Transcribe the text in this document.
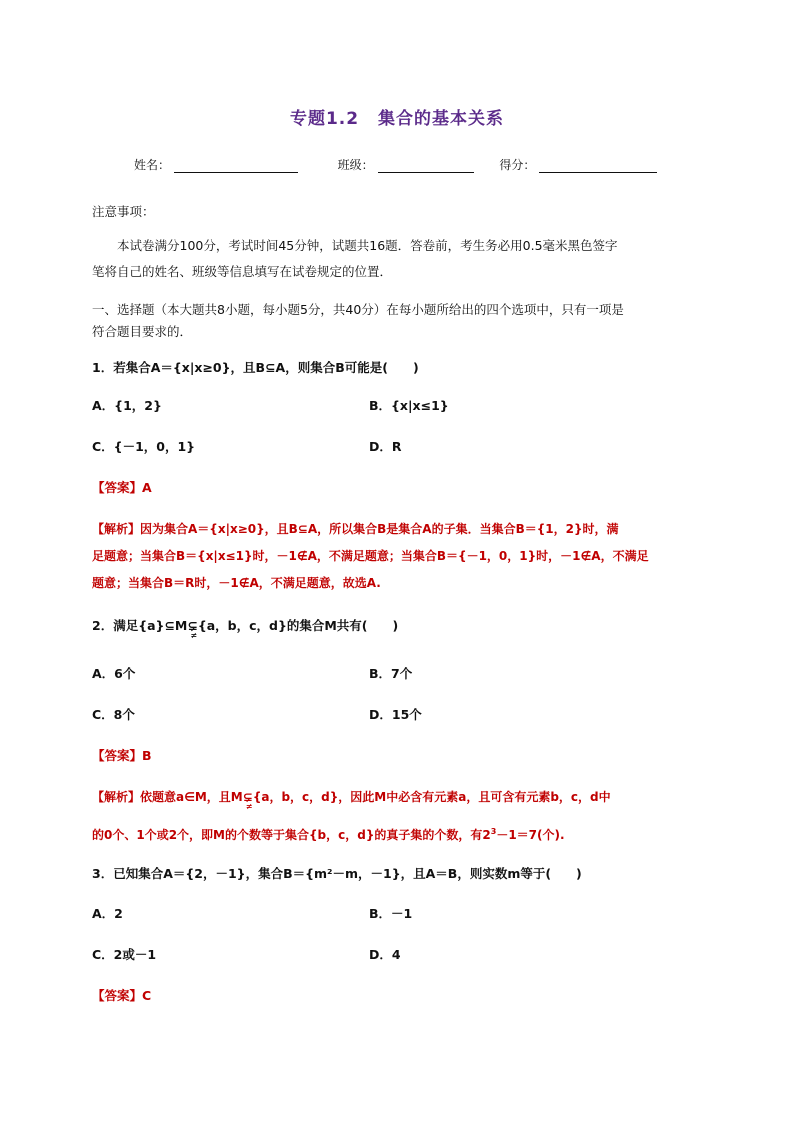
专题1.2 集合的基本关系
姓名：	班级：	得分：
注意事项：
本试卷满分100分，考试时间45分钟，试题共16题．答卷前，考生务必用0.5毫米黑色签字
笔将自己的姓名、班级等信息填写在试卷规定的位置．
一、选择题（本大题共8小题，每小题5分，共40分）在每小题所给出的四个选项中，只有一项是
符合题目要求的．
1．若集合A＝{x|x≥0}，且B⊆A，则集合B可能是(　　)
A．{1，2}	B．{x|x≤1}
C．{－1，0，1}	D．R
【答案】A
【解析】因为集合A＝{x|x≥0}，且B⊆A，所以集合B是集合A的子集．当集合B＝{1，2}时，满
足题意；当集合B＝{x|x≤1}时，－1∉A，不满足题意；当集合B＝{－1，0，1}时，－1∉A，不满足
题意；当集合B＝R时，－1∉A，不满足题意，故选A.
2．满足{a}⊆M⊊
≠
{a，b，c，d}的集合M共有(　　)
A．6个	B．7个
C．8个	D．15个
【答案】B
【解析】依题意a∈M，且M⊊
≠
{a，b，c，d}，因此M中必含有元素a，且可含有元素b，c，d中
的0个、1个或2个，即M的个数等于集合{b，c，d}的真子集的个数，有$2^3-1=7$(个).
3．已知集合A＝{2，－1}，集合B＝{m²－m，－1}，且A＝B，则实数m等于(　　)
A．2	B．－1
C．2或－1	D．4
【答案】C
